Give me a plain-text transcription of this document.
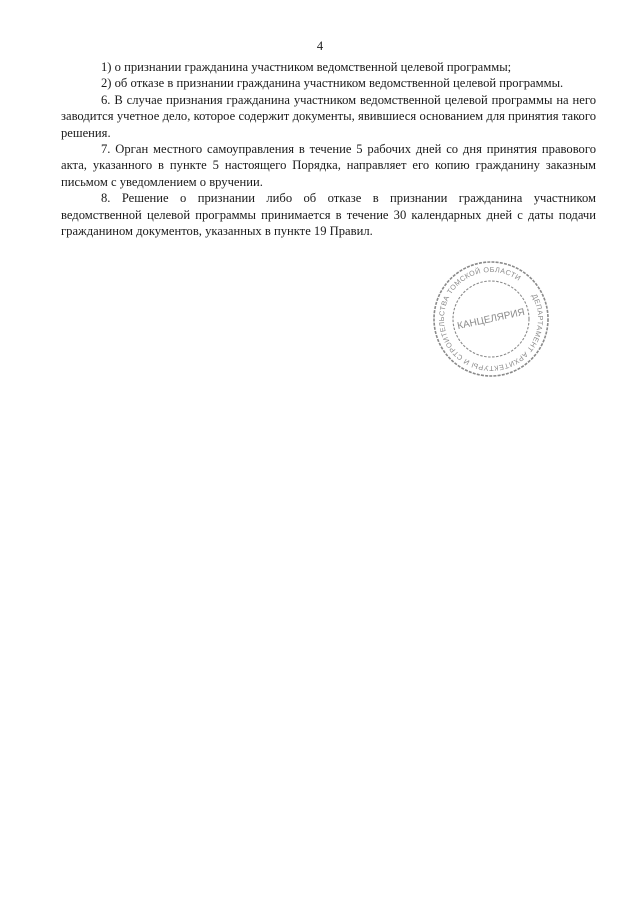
4

1) о признании гражданина участником ведомственной целевой программы;

2) об отказе в признании гражданина участником ведомственной целевой программы.

6. В случае признания гражданина участником ведомственной целевой программы на него заводится учетное дело, которое содержит документы, явившиеся основанием для принятия такого решения.

7. Орган местного самоуправления в течение 5 рабочих дней со дня принятия правового акта, указанного в пункте 5 настоящего Порядка, направляет его копию гражданину заказным письмом с уведомлением о вручении.

8. Решение о признании либо об отказе в признании гражданина участником ведомственной целевой программы принимается в течение 30 календарных дней с даты подачи гражданином документов, указанных в пункте 19 Правил.

ДЕПАРТАМЕНТ АРХИТЕКТУРЫ И СТРОИТЕЛЬСТВА ТОМСКОЙ ОБЛАСТИ
КАНЦЕЛЯРИЯ
